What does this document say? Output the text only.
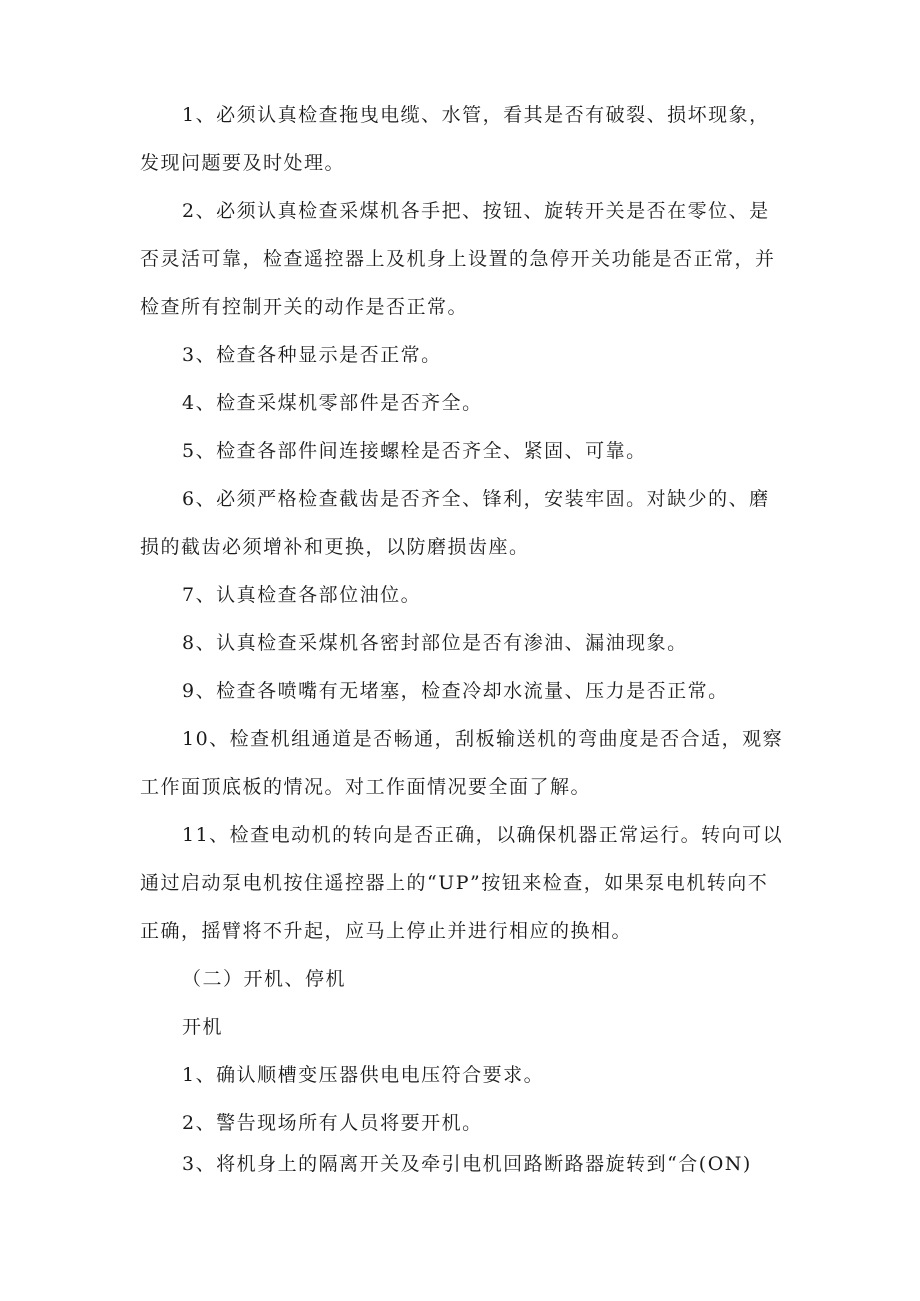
1、必须认真检查拖曳电缆、水管，看其是否有破裂、损坏现象，发现问题要及时处理。

2、必须认真检查采煤机各手把、按钮、旋转开关是否在零位、是否灵活可靠，检查遥控器上及机身上设置的急停开关功能是否正常，并检查所有控制开关的动作是否正常。

3、检查各种显示是否正常。

4、检查采煤机零部件是否齐全。

5、检查各部件间连接螺栓是否齐全、紧固、可靠。

6、必须严格检查截齿是否齐全、锋利，安装牢固。对缺少的、磨损的截齿必须增补和更换，以防磨损齿座。

7、认真检查各部位油位。

8、认真检查采煤机各密封部位是否有渗油、漏油现象。

9、检查各喷嘴有无堵塞，检查冷却水流量、压力是否正常。

10、检查机组通道是否畅通，刮板输送机的弯曲度是否合适，观察工作面顶底板的情况。对工作面情况要全面了解。

11、检查电动机的转向是否正确，以确保机器正常运行。转向可以通过启动泵电机按住遥控器上的“UP”按钮来检查，如果泵电机转向不正确，摇臂将不升起，应马上停止并进行相应的换相。

（二）开机、停机

开机

1、确认顺槽变压器供电电压符合要求。

2、警告现场所有人员将要开机。

3、将机身上的隔离开关及牵引电机回路断路器旋转到“合(ON)
